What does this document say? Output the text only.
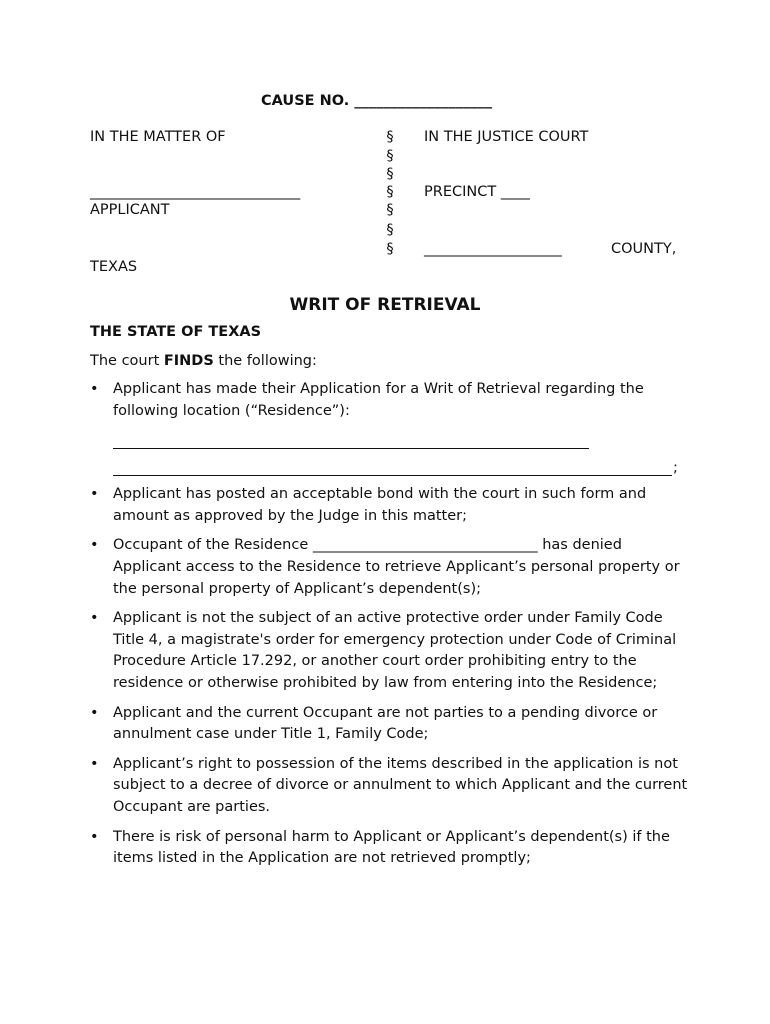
CAUSE NO. ___________________
IN THE MATTER OF
_____________________________
APPLICANT
TEXAS
§
§
§
§
§
§
§
IN THE JUSTICE COURT
PRECINCT ____
___________________	COUNTY,
WRIT OF RETRIEVAL
THE STATE OF TEXAS
The court FINDS the following:
• Applicant has made their Application for a Writ of Retrieval regarding the following location (“Residence”):
;
• Applicant has posted an acceptable bond with the court in such form and amount as approved by the Judge in this matter;
• Occupant of the Residence _______________________________ has denied Applicant access to the Residence to retrieve Applicant’s personal property or the personal property of Applicant’s dependent(s);
• Applicant is not the subject of an active protective order under Family Code Title 4, a magistrate's order for emergency protection under Code of Criminal Procedure Article 17.292, or another court order prohibiting entry to the residence or otherwise prohibited by law from entering into the Residence;
• Applicant and the current Occupant are not parties to a pending divorce or annulment case under Title 1, Family Code;
• Applicant’s right to possession of the items described in the application is not subject to a decree of divorce or annulment to which Applicant and the current Occupant are parties.
• There is risk of personal harm to Applicant or Applicant’s dependent(s) if the items listed in the Application are not retrieved promptly;
